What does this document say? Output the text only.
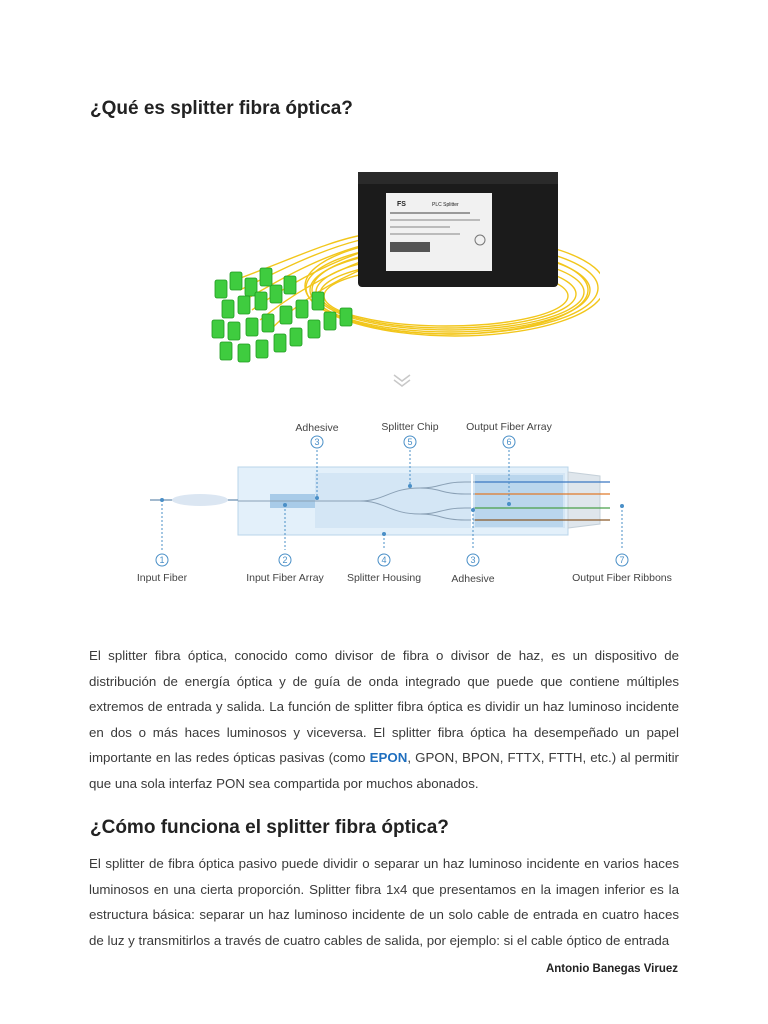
¿Qué es splitter fibra óptica?
FS	PLC Splitter
3	5	6
1	2	4	3	7
Adhesive	Splitter Chip	Output Fiber Array
Input Fiber	Input Fiber Array Splitter Housing	Adhesive	Output Fiber Ribbons

El splitter fibra óptica, conocido como divisor de fibra o divisor de haz, es un dispositivo de distribución de energía óptica y de guía de onda integrado que puede que contiene múltiples extremos de entrada y salida. La función de splitter fibra óptica es dividir un haz luminoso incidente en dos o más haces luminosos y viceversa. El splitter fibra óptica ha desempeñado un papel importante en las redes ópticas pasivas (como EPON, GPON, BPON, FTTX, FTTH, etc.) al permitir que una sola interfaz PON sea compartida por muchos abonados.

¿Cómo funciona el splitter fibra óptica?

El splitter de fibra óptica pasivo puede dividir o separar un haz luminoso incidente en varios haces luminosos en una cierta proporción. Splitter fibra 1x4 que presentamos en la imagen inferior es la estructura básica: separar un haz luminoso incidente de un solo cable de entrada en cuatro haces de luz y transmitirlos a través de cuatro cables de salida, por ejemplo: si el cable óptico de entrada

Antonio Banegas Viruez
